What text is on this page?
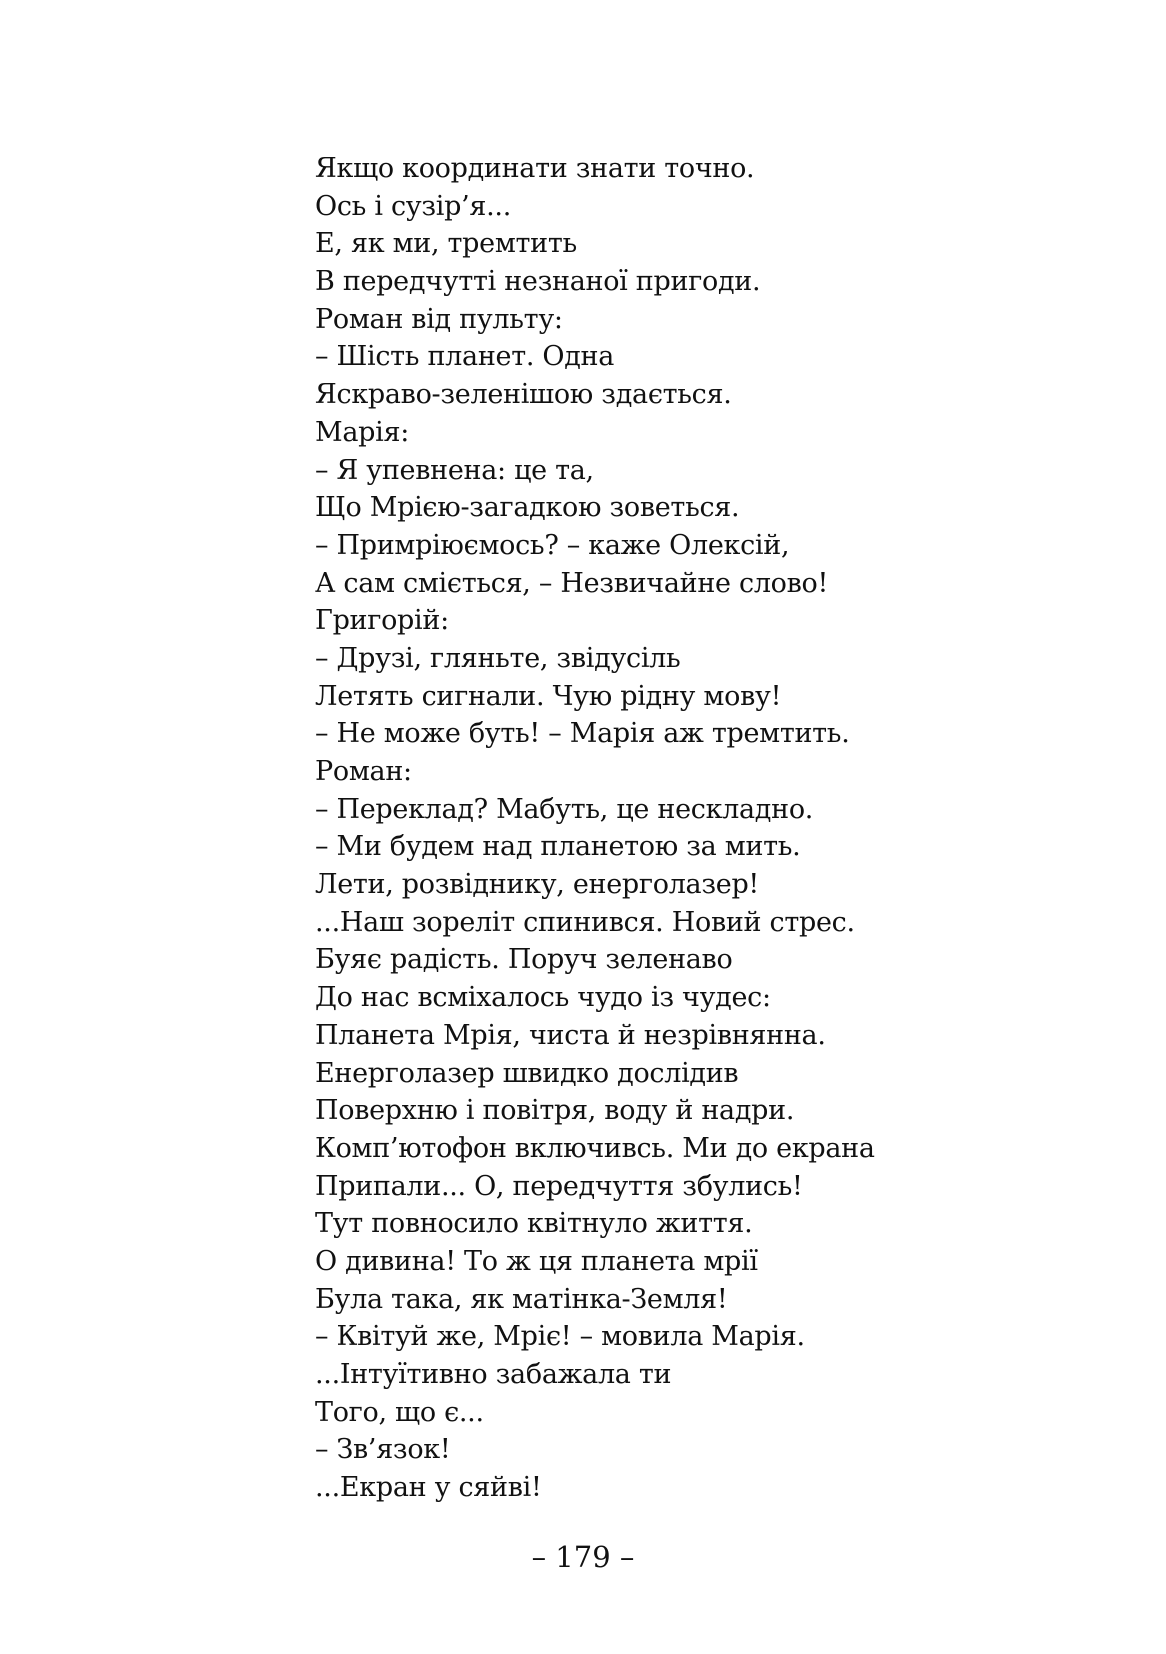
Якщо координати знати точно.
Ось і сузір’я...
Е, як ми, тремтить
В передчутті незнаної пригоди.
Роман від пульту:
– Шість планет. Одна
Яскраво-зеленішою здається.
Марія:
– Я упевнена: це та,
Що Мрією-загадкою зоветься.
– Примріюємось? – каже Олексій,
А сам сміється, – Незвичайне слово!
Григорій:
– Друзі, гляньте, звідусіль
Летять сигнали. Чую рідну мову!
– Не може буть! – Марія аж тремтить.
Роман:
– Переклад? Мабуть, це нескладно.
– Ми будем над планетою за мить.
Лети, розвіднику, енерголазер!
...Наш зореліт спинився. Новий стрес.
Буяє радість. Поруч зеленаво
До нас всміхалось чудо із чудес:
Планета Мрія, чиста й незрівнянна.
Енерголазер швидко дослідив
Поверхню і повітря, воду й надри.
Комп’ютофон включивсь. Ми до екрана
Припали... О, передчуття збулись!
Тут повносило квітнуло життя.
О дивина! То ж ця планета мрії
Була така, як матінка-Земля!
– Квітуй же, Мріє! – мовила Марія.
...Інтуїтивно забажала ти
Того, що є...
– Зв’язок!
...Екран у сяйві!
– 179 –
